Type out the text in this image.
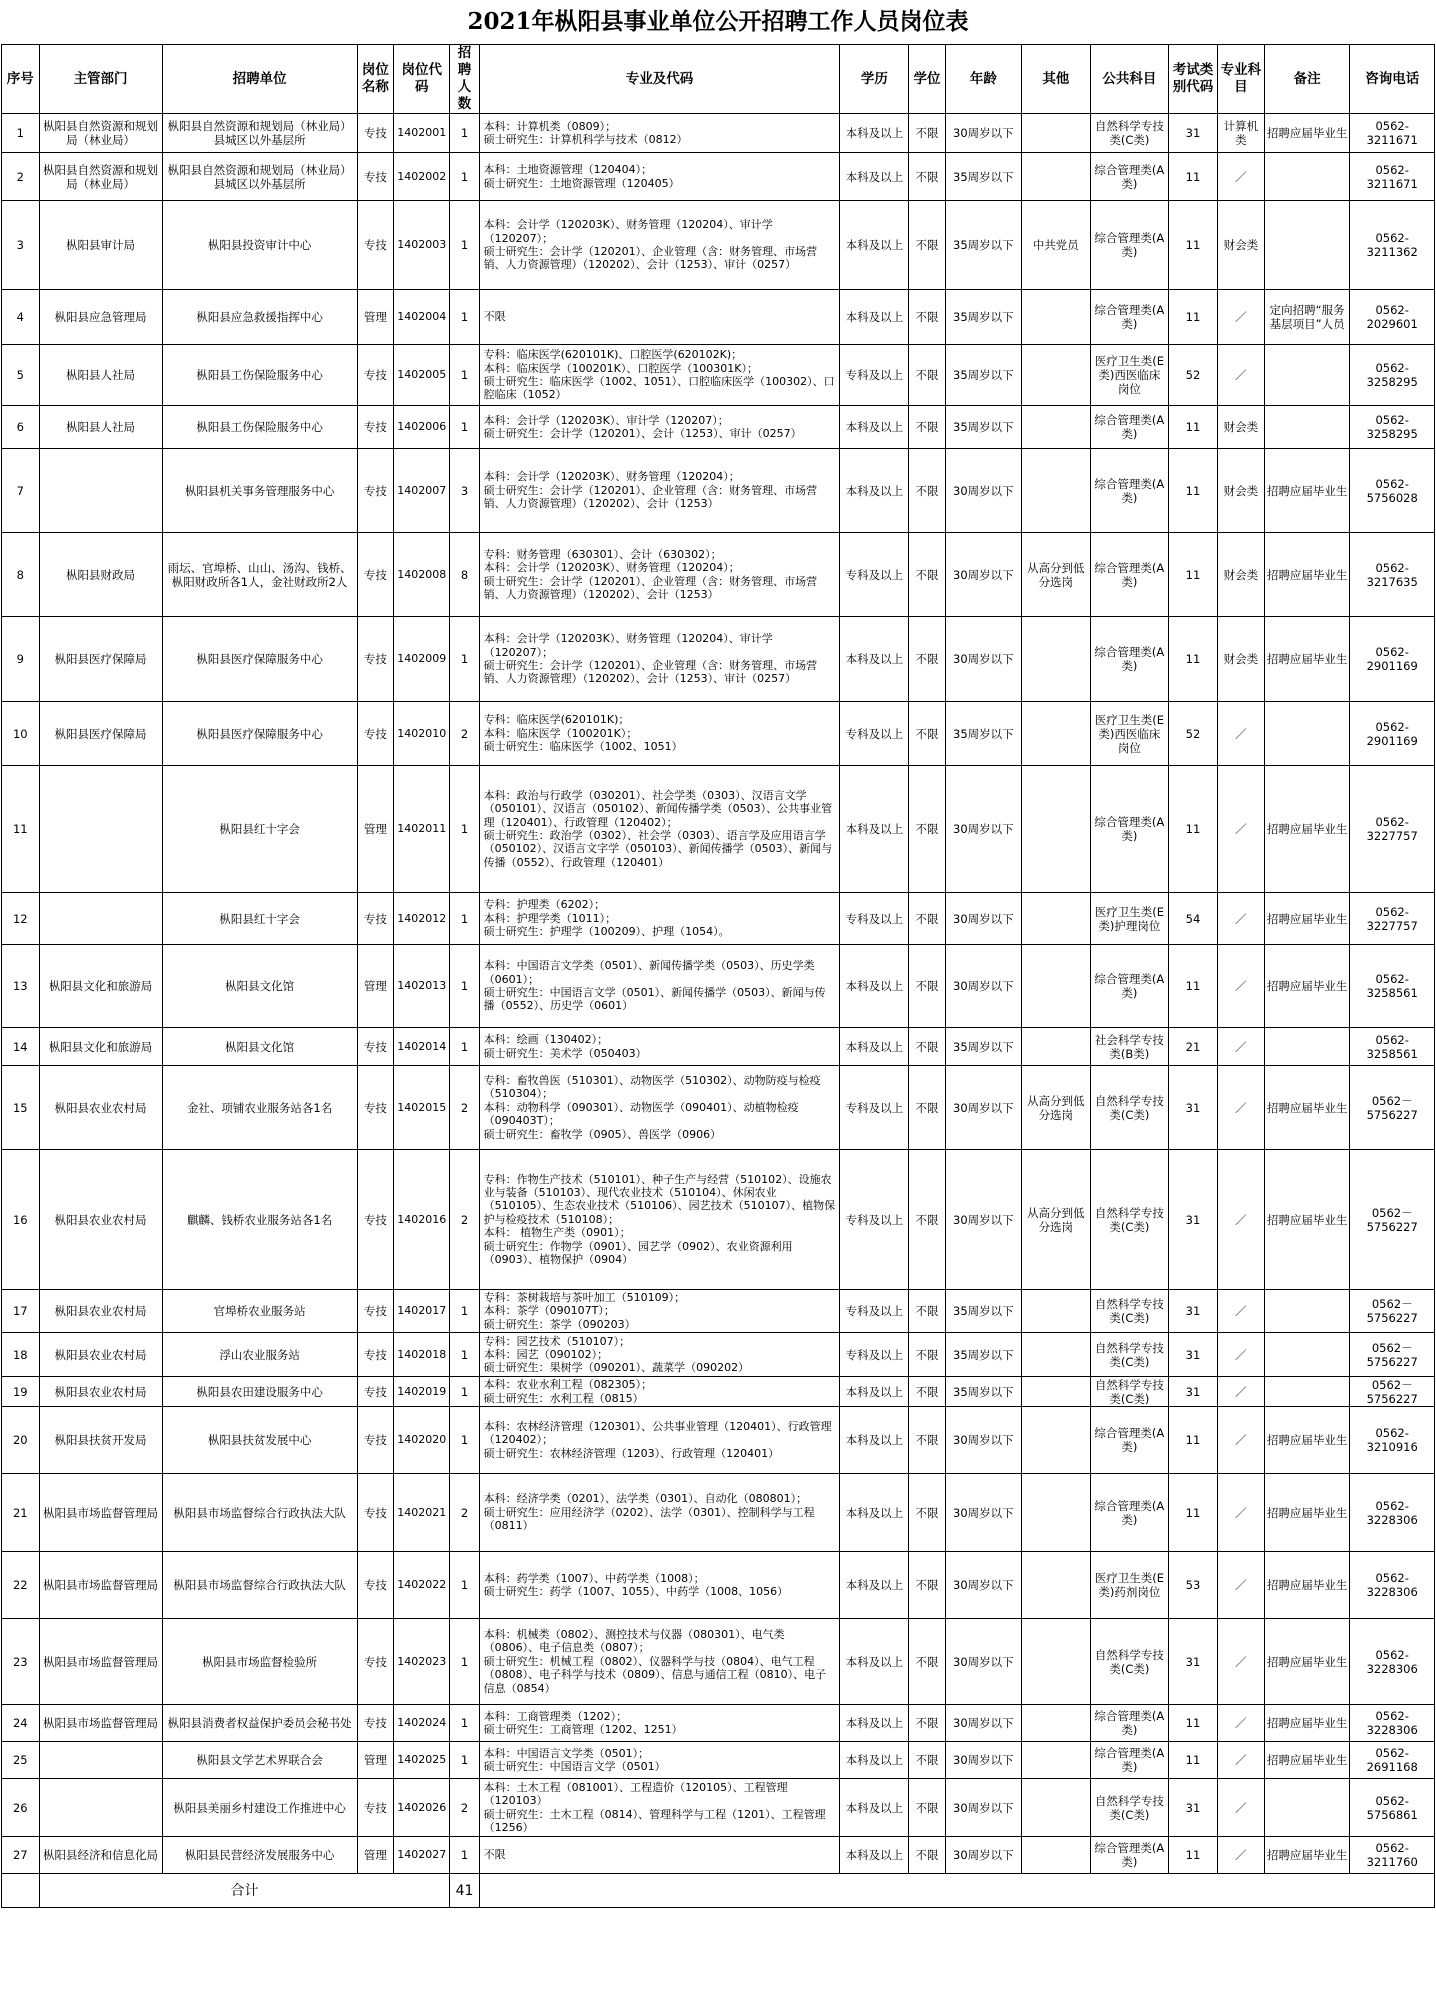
2021年枞阳县事业单位公开招聘工作人员岗位表
序号	主管部门	招聘单位	岗位名称	岗位代码	招聘人数	专业及代码	学历	学位	年龄	其他	公共科目	考试类别代码	专业科目	备注	咨询电话
1	枞阳县自然资源和规划局（林业局）	枞阳县自然资源和规划局（林业局）县城区以外基层所	专技	1402001	1	本科：计算机类（0809）；
硕士研究生：计算机科学与技术（0812）	本科及以上	不限	30周岁以下		自然科学专技类(C类)	31	计算机类	招聘应届毕业生	0562-3211671
2	枞阳县自然资源和规划局（林业局）	枞阳县自然资源和规划局（林业局）县城区以外基层所	专技	1402002	1	本科：土地资源管理（120404）；
硕士研究生：土地资源管理（120405）	本科及以上	不限	35周岁以下		综合管理类(A类)	11	／		0562-3211671
3	枞阳县审计局	枞阳县投资审计中心	专技	1402003	1	本科：会计学（120203K）、财务管理（120204）、审计学（120207）；
硕士研究生：会计学（120201）、企业管理（含：财务管理、市场营销、人力资源管理）（120202）、会计（1253）、审计（0257）	本科及以上	不限	35周岁以下	中共党员	综合管理类(A类)	11	财会类		0562-3211362
4	枞阳县应急管理局	枞阳县应急救援指挥中心	管理	1402004	1	不限	本科及以上	不限	35周岁以下		综合管理类(A类)	11	／	定向招聘“服务基层项目”人员	0562-2029601
5	枞阳县人社局	枞阳县工伤保险服务中心	专技	1402005	1	专科：临床医学(620101K)、口腔医学(620102K)；
本科：临床医学（100201K）、口腔医学（100301K）；
硕士研究生：临床医学（1002、1051）、口腔临床医学（100302）、口腔临床（1052）	专科及以上	不限	35周岁以下		医疗卫生类(E类)西医临床岗位	52	／		0562-3258295
6	枞阳县人社局	枞阳县工伤保险服务中心	专技	1402006	1	本科：会计学（120203K）、审计学（120207）；
硕士研究生：会计学（120201）、会计（1253）、审计（0257）	本科及以上	不限	35周岁以下		综合管理类(A类)	11	财会类		0562-3258295
7		枞阳县机关事务管理服务中心	专技	1402007	3	本科：会计学（120203K）、财务管理（120204）；
硕士研究生：会计学（120201）、企业管理（含：财务管理、市场营销、人力资源管理）（120202）、会计（1253）	本科及以上	不限	30周岁以下		综合管理类(A类)	11	财会类	招聘应届毕业生	0562-5756028
8	枞阳县财政局	雨坛、官埠桥、山山、汤沟、钱桥、枞阳财政所各1人，金社财政所2人	专技	1402008	8	专科：财务管理（630301）、会计（630302）；
本科：会计学（120203K）、财务管理（120204）；
硕士研究生：会计学（120201）、企业管理（含：财务管理、市场营销、人力资源管理）（120202）、会计（1253）	专科及以上	不限	30周岁以下	从高分到低分选岗	综合管理类(A类)	11	财会类	招聘应届毕业生	0562-3217635
9	枞阳县医疗保障局	枞阳县医疗保障服务中心	专技	1402009	1	本科：会计学（120203K）、财务管理（120204）、审计学（120207）；
硕士研究生：会计学（120201）、企业管理（含：财务管理、市场营销、人力资源管理）（120202）、会计（1253）、审计（0257）	本科及以上	不限	30周岁以下		综合管理类(A类)	11	财会类	招聘应届毕业生	0562-2901169
10	枞阳县医疗保障局	枞阳县医疗保障服务中心	专技	1402010	2	专科：临床医学(620101K)；
本科：临床医学（100201K）；
硕士研究生：临床医学（1002、1051）	专科及以上	不限	35周岁以下		医疗卫生类(E类)西医临床岗位	52	／		0562-2901169
11		枞阳县红十字会	管理	1402011	1	本科：政治与行政学（030201）、社会学类（0303）、汉语言文学（050101）、汉语言（050102）、新闻传播学类（0503）、公共事业管理（120401）、行政管理（120402）；
硕士研究生：政治学（0302）、社会学（0303）、语言学及应用语言学（050102）、汉语言文字学（050103）、新闻传播学（0503）、新闻与传播（0552）、行政管理（120401）	本科及以上	不限	30周岁以下		综合管理类(A类)	11	／	招聘应届毕业生	0562-3227757
12		枞阳县红十字会	专技	1402012	1	专科：护理类（6202）；
本科：护理学类（1011）；
硕士研究生：护理学（100209）、护理（1054）。	专科及以上	不限	30周岁以下		医疗卫生类(E类)护理岗位	54	／	招聘应届毕业生	0562-3227757
13	枞阳县文化和旅游局	枞阳县文化馆	管理	1402013	1	本科：中国语言文学类（0501）、新闻传播学类（0503）、历史学类（0601）；
硕士研究生：中国语言文学（0501）、新闻传播学（0503）、新闻与传播（0552）、历史学（0601）	本科及以上	不限	30周岁以下		综合管理类(A类)	11	／	招聘应届毕业生	0562-3258561
14	枞阳县文化和旅游局	枞阳县文化馆	专技	1402014	1	本科：绘画（130402）；
硕士研究生：美术学（050403）	本科及以上	不限	35周岁以下		社会科学专技类(B类)	21	／		0562-3258561
15	枞阳县农业农村局	金社、项铺农业服务站各1名	专技	1402015	2	专科：畜牧兽医（510301）、动物医学（510302）、动物防疫与检疫（510304）；
本科：动物科学（090301）、动物医学（090401）、动植物检疫（090403T）；
硕士研究生：畜牧学（0905）、兽医学（0906）	专科及以上	不限	30周岁以下	从高分到低分选岗	自然科学专技类(C类)	31	／	招聘应届毕业生	0562－5756227
16	枞阳县农业农村局	麒麟、钱桥农业服务站各1名	专技	1402016	2	专科：作物生产技术（510101）、种子生产与经营（510102）、设施农业与装备（510103）、现代农业技术（510104）、休闲农业（510105）、生态农业技术（510106）、园艺技术（510107）、植物保护与检疫技术（510108）；
本科： 植物生产类（0901）；
硕士研究生：作物学（0901）、园艺学（0902）、农业资源利用（0903）、植物保护（0904）	专科及以上	不限	30周岁以下	从高分到低分选岗	自然科学专技类(C类)	31	／	招聘应届毕业生	0562－5756227
17	枞阳县农业农村局	官埠桥农业服务站	专技	1402017	1	专科：茶树栽培与茶叶加工（510109）；
本科：茶学（090107T）；
硕士研究生：茶学（090203）	专科及以上	不限	35周岁以下		自然科学专技类(C类)	31	／		0562－5756227
18	枞阳县农业农村局	浮山农业服务站	专技	1402018	1	专科：园艺技术（510107）；
本科：园艺（090102）；
硕士研究生：果树学（090201）、蔬菜学（090202）	专科及以上	不限	35周岁以下		自然科学专技类(C类)	31	／		0562－5756227
19	枞阳县农业农村局	枞阳县农田建设服务中心	专技	1402019	1	本科：农业水利工程（082305）；
硕士研究生：水利工程（0815）	本科及以上	不限	35周岁以下		自然科学专技类(C类)	31	／		0562－5756227
20	枞阳县扶贫开发局	枞阳县扶贫发展中心	专技	1402020	1	本科：农林经济管理（120301）、公共事业管理（120401）、行政管理（120402）；
硕士研究生：农林经济管理（1203）、行政管理（120401）	本科及以上	不限	30周岁以下		综合管理类(A类)	11	／	招聘应届毕业生	0562-3210916
21	枞阳县市场监督管理局	枞阳县市场监督综合行政执法大队	专技	1402021	2	本科：经济学类（0201）、法学类（0301）、自动化（080801）；
硕士研究生：应用经济学（0202）、法学（0301）、控制科学与工程（0811）	本科及以上	不限	30周岁以下		综合管理类(A类)	11	／	招聘应届毕业生	0562-3228306
22	枞阳县市场监督管理局	枞阳县市场监督综合行政执法大队	专技	1402022	1	本科：药学类（1007）、中药学类（1008）；
硕士研究生：药学（1007、1055）、中药学（1008、1056）	本科及以上	不限	30周岁以下		医疗卫生类(E类)药剂岗位	53	／	招聘应届毕业生	0562-3228306
23	枞阳县市场监督管理局	枞阳县市场监督检验所	专技	1402023	1	本科：机械类（0802）、测控技术与仪器（080301）、电气类（0806）、电子信息类（0807）；
硕士研究生：机械工程（0802）、仪器科学与技（0804）、电气工程（0808）、电子科学与技术（0809）、信息与通信工程（0810）、电子信息（0854）	本科及以上	不限	30周岁以下		自然科学专技类(C类)	31	／	招聘应届毕业生	0562-3228306
24	枞阳县市场监督管理局	枞阳县消费者权益保护委员会秘书处	专技	1402024	1	本科：工商管理类（1202）；
硕士研究生：工商管理（1202、1251）	本科及以上	不限	30周岁以下		综合管理类(A类)	11	／	招聘应届毕业生	0562-3228306
25		枞阳县文学艺术界联合会	管理	1402025	1	本科：中国语言文学类（0501）；
硕士研究生：中国语言文学（0501）	本科及以上	不限	30周岁以下		综合管理类(A类)	11	／	招聘应届毕业生	0562-2691168
26		枞阳县美丽乡村建设工作推进中心	专技	1402026	2	本科：土木工程（081001）、工程造价（120105）、工程管理（120103）
硕士研究生：土木工程（0814）、管理科学与工程（1201）、工程管理（1256）	本科及以上	不限	30周岁以下		自然科学专技类(C类)	31	／		0562-5756861
27	枞阳县经济和信息化局	枞阳县民营经济发展服务中心	管理	1402027	1	不限	本科及以上	不限	30周岁以下		综合管理类(A类)	11	／	招聘应届毕业生	0562-3211760
	合计				41										
